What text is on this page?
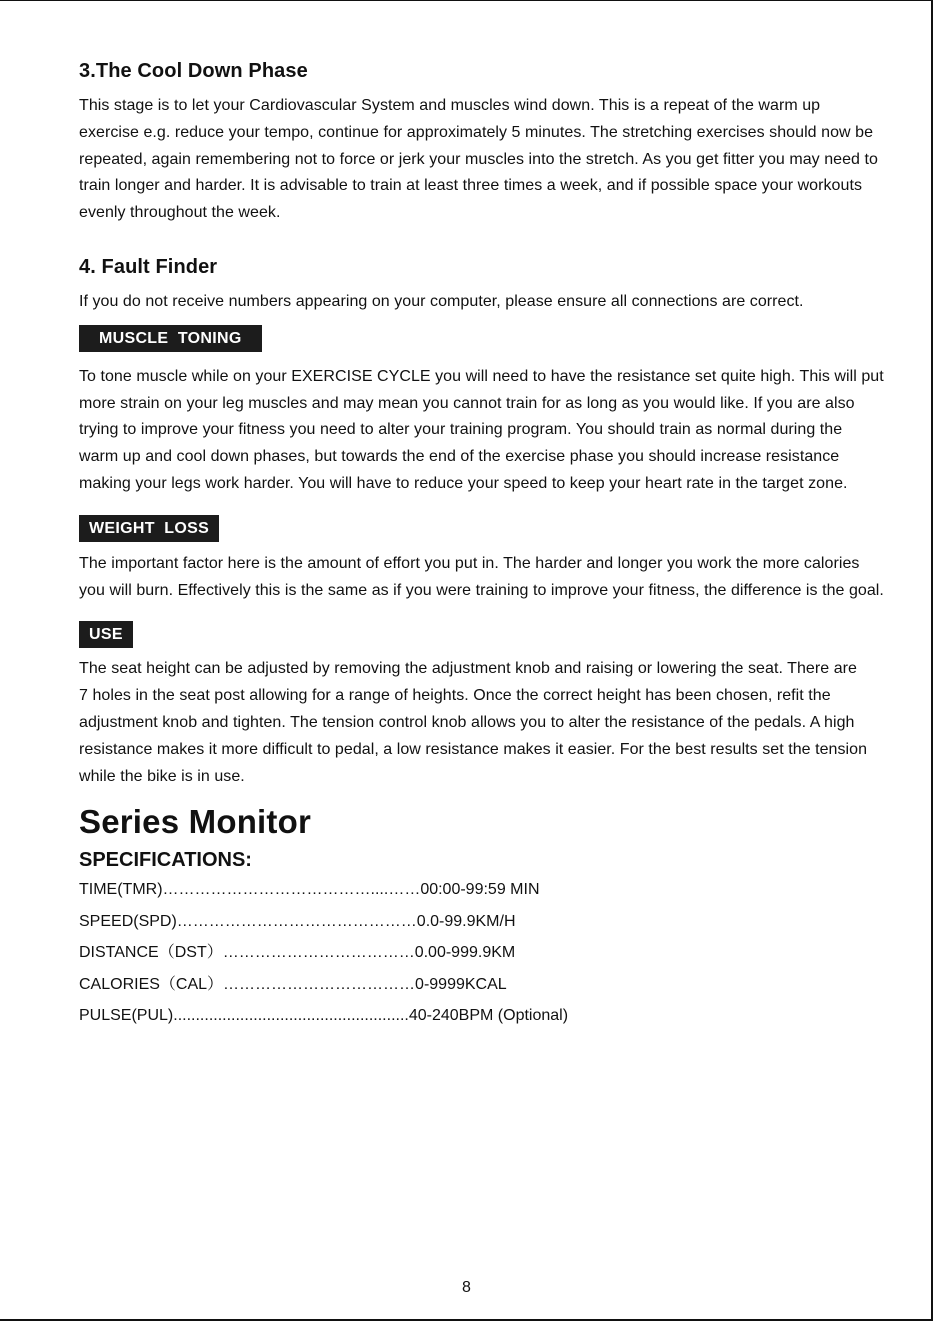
3.The Cool Down Phase

This stage is to let your Cardiovascular System and muscles wind down. This is a repeat of the warm up exercise e.g. reduce your tempo, continue for approximately 5 minutes. The stretching exercises should now be repeated, again remembering not to force or jerk your muscles into the stretch. As you get fitter you may need to train longer and harder. It is advisable to train at least three times a week, and if possible space your workouts evenly throughout the week.

4. Fault Finder

If you do not receive numbers appearing on your computer, please ensure all connections are correct.

MUSCLE  TONING

To tone muscle while on your EXERCISE CYCLE you will need to have the resistance set quite high. This will put more strain on your leg muscles and may mean you cannot train for as long as you would like. If you are also trying to improve your fitness you need to alter your training program. You should train as normal during the warm up and cool down phases, but towards the end of the exercise phase you should increase resistance making your legs work harder. You will have to reduce your speed to keep your heart rate in the target zone.

WEIGHT  LOSS

The important factor here is the amount of effort you put in. The harder and longer you work the more calories you will burn. Effectively this is the same as if you were training to improve your fitness, the difference is the goal.

USE

The seat height can be adjusted by removing the adjustment knob and raising or lowering the seat. There are 7 holes in the seat post allowing for a range of heights. Once the correct height has been chosen, refit the adjustment knob and tighten. The tension control knob allows you to alter the resistance of the pedals. A high resistance makes it more difficult to pedal, a low resistance makes it easier. For the best results set the tension while the bike is in use.

Series Monitor
SPECIFICATIONS:
TIME(TMR)…………………………………....……00:00-99:59 MIN
SPEED(SPD)………………………………………0.0-99.9KM/H
DISTANCE（DST）………………………………0.00-999.9KM
CALORIES（CAL）………………………………0-9999KCAL
PULSE(PUL).....................................................40-240BPM (Optional)
8
